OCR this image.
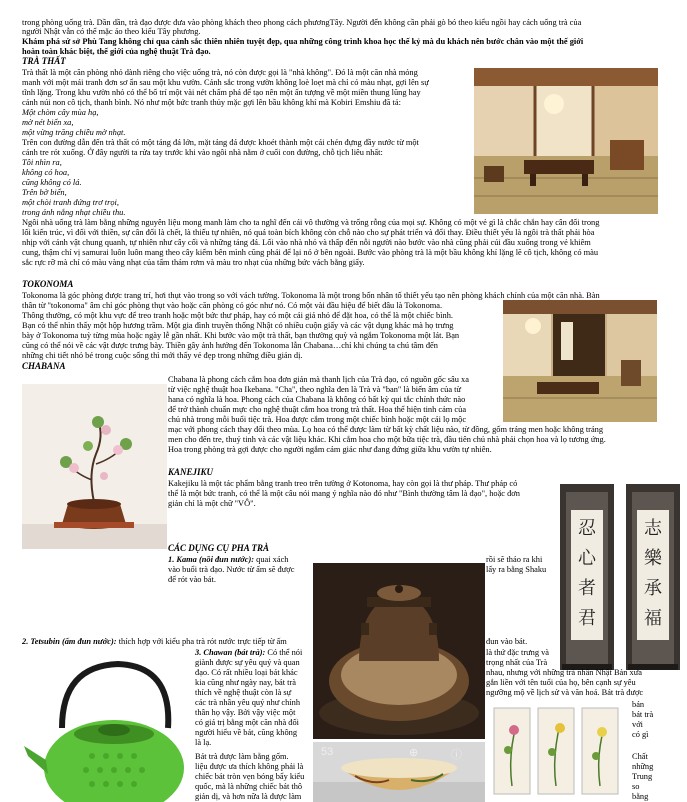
trong phòng uống trà. Dần dần, trà đạo được đưa vào phòng khách theo phong cách phươngTây. Người đến không cần phải gò bó theo kiểu ngồi hay cách uống trà của
người Nhật vẫn có thể mặc áo theo kiểu Tây phương.
Khám phá sứ sở Phù Tang không chỉ qua cảnh sắc thiên nhiên tuyệt đẹp, qua những công trình khoa học thế kỷ mà du khách nên bước chân vào một thế giới
hoàn toàn khác biệt, thế giới của nghệ thuật Trà đạo.
TRÀ THẤT
Trà thất là một căn phòng nhỏ dành riêng cho việc uống trà, nó còn được gọi là "nhà không". Đó là một căn nhà mỏng
manh với một mái tranh đơn sơ ẩn sau một khu vườn. Cảnh sắc trong vườn không loè loẹt mà chỉ có màu nhạt, gợi lên sự
tĩnh lặng. Trong khu vườn nhỏ có thể bố trí một vài nét chấm phá để tạo nên một ấn tượng về một miền thung lũng hay
cảnh núi non cô tịch, thanh bình. Nó như một bức tranh thủy mặc gợi lên bầu không khí mà Kobiri Emshiu đã tả:
Một chòm cây mùa hạ,
mờ nét biển xa,
một vừng trăng chiều mờ nhạt.
Trên con đường dẫn đến trà thất có một tảng đá lớn, mặt tảng đá được khoét thành một cái chén đựng đầy nước từ một
cánh tre rót xuống. Ở đây người ta rửa tay trước khi vào ngôi nhà nằm ở cuối con đường, chỗ tịch liêu nhất:
Tôi nhìn ra,
không có hoa,
cũng không có lá.
Trên bờ biển,
một chòi tranh đứng trơ trọi,
trong ánh nắng nhạt chiều thu.
Ngôi nhà uống trà làm bằng những nguyên liệu mong manh làm cho ta nghĩ đến cái vô thường và trống rỗng của mọi sự. Không có một vẻ gì là chắc chắn hay cân đối trong
lối kiến trúc, vì đối với thiền, sự cân đối là chết, là thiếu tự nhiên, nó quá toàn bích không còn chỗ nào cho sự phát triển và đổi thay. Điều thiết yếu là ngôi trà thất phải hòa
nhịp với cảnh vật chung quanh, tự nhiên như cây cối và những tảng đá. Lối vào nhà nhỏ và thấp đến nỗi người nào bước vào nhà cũng phải cúi đầu xuống trong vẻ khiêm
cung, thậm chí vị samurai luôn luôn mang theo cây kiếm bên mình cũng phải để lại nó ở bên ngoài. Bước vào phòng trà là một bầu không khí lặng lẽ cô tịch, không có màu
sắc rực rỡ mà chỉ có màu vàng nhạt của tấm thảm rơm và màu tro nhạt của những bức vách bằng giấy.
TOKONOMA
Tokonoma là góc phòng được trang trí, hơi thụt vào trong so với vách tường. Tokonoma là một trong bốn nhân tố thiết yếu tạo nên phòng khách chính của một căn nhà. Bàn
thân từ "tokonoma" âm chỉ góc phòng thụt vào hoặc căn phòng có góc như nó. Có một vài đầu hiệu để biết đâu là Tokonoma.
Thông thường, có một khu vực để treo tranh hoặc một bức thư pháp, hay có một cái giá nhỏ để đặt hoa, có thể là một chiếc bình.
Bạn có thể nhìn thấy một hộp hương trầm. Một gia đình truyền thống Nhật có nhiều cuộn giấy và các vật dụng khác mà họ trưng
bày ở Tokonoma tuỳ từng mùa hoặc ngày lễ gần nhất. Khi bước vào một trà thất, bạn thường quỳ và ngắm Tokonoma một lát. Bạn
cũng có thể nói về các vật được trưng bày. Thiền gây ảnh hưởng đến Tokonoma lẫn Chabana…chỉ khi chúng ta chú tâm đến
những chi tiết nhỏ bé trong cuộc sống thì mới thấy vẻ đẹp trong những điều giản dị.
CHABANA
Chabana là phong cách cắm hoa đơn giản mà thanh lịch của Trà đạo, có nguồn gốc sâu xa
từ việc nghệ thuật hoa Ikebana. "Cha", theo nghĩa đen là Trà và "ban" là biến âm của từ
hana có nghĩa là hoa. Phong cách của Chabana là không có bất kỳ qui tắc chính thức nào
để trở thành chuẩn mực cho nghệ thuật cắm hoa trong trà thất. Hoa thể hiện tinh cảm của
chủ nhà trong mỗi buổi tiệc trà. Hoa được cắm trong một chiếc bình hoặc một cái lọ mộc
mạc với phong cách thay đổi theo mùa. Lọ hoa có thể được làm từ bất kỳ chất liệu nào, từ đồng, gốm tráng men hoặc không tráng
men cho đến tre, thuỷ tinh và các vật liệu khác. Khi cắm hoa cho một bữa tiệc trà, đầu tiên chủ nhà phải chọn hoa và lọ tương ứng.
Hoa trong phòng trà gợi được cho người ngắm cảm giác như đang đứng giữa khu vườn tự nhiên.
KANEJIKU
Kakejiku là một tác phẩm bằng tranh treo trên tường ở Kotonoma, hay còn gọi là thư pháp. Thư pháp có
thể là một bức tranh, có thể là một câu nói mang ý nghĩa nào đó như "Bình thường tâm là đạo", hoặc đơn
giản chỉ là một chữ "VÔ".
忍心者君
志樂承福
CÁC DỤNG CỤ PHA TRÀ
1. Kama (nồi đun nước): quai xách
vào buổi trà đạo. Nước từ ấm sẽ được
để rót vào bát.
rồi sẽ tháo ra khi
lấy ra bằng Shaku
2. Tetsubin (ấm đun nước): thích hợp với kiểu pha trà rót nước trực tiếp từ ấm	đun vào bát.
3. Chawan (bát trà): Có thể nói
giành được sự yêu quý và quan
đạo. Có rất nhiều loại bát khác
kia cũng như ngày nay, bát trà
thích về nghệ thuật còn là sự
các trà nhân yêu quý như chính
thân họ vậy. Bởi vậy việc một
có giá trị bằng một căn nhà đối
người hiểu về bát, cũng không
là lạ.
Bát trà được làm bằng gốm.
liệu được ưa thích không phải là
chiếc bát tròn vẹn bóng bẩy kiểu
quốc, mà là những chiếc bát thô
giản dị, và hơn nữa là được làm
là thứ đặc trưng và
trọng nhất của Trà
nhau, nhưng với những trà nhân Nhật Bản xưa
gắn liền với tên tuổi của họ, bên cạnh sự yêu
ngưỡng mộ về lịch sử và văn hoá. Bát trà được
53	⊕	ⓘ
bán
bát trà
với
có gì
Chất
những
Trung
so
bằng
